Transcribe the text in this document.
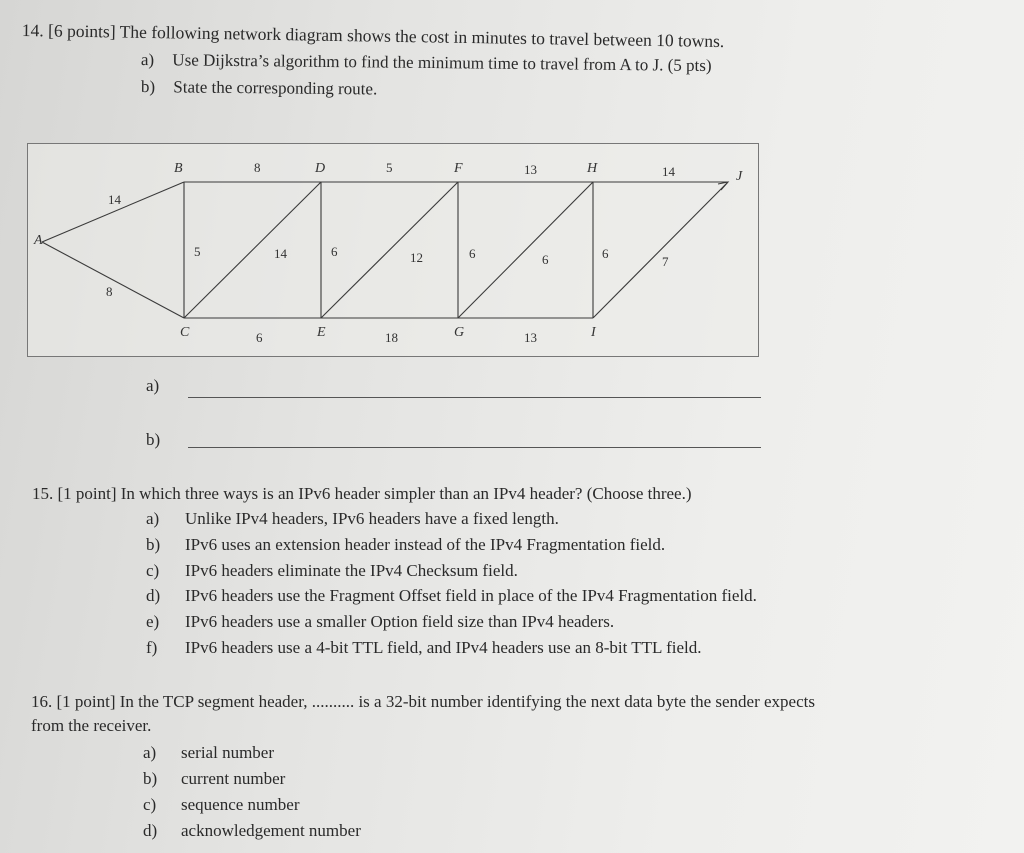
14. [6 points] The following network diagram shows the cost in minutes to travel between 10 towns.
a) Use Dijkstra’s algorithm to find the minimum time to travel from A to J. (5 pts)
b) State the corresponding route.
14
8
8	5	13	14
5	14	6	12	6	6	6
7
6	18	13
A
B
C
D
E
F
G
H
I
J
a)
b)
15. [1 point] In which three ways is an IPv6 header simpler than an IPv4 header? (Choose three.)
a) Unlike IPv4 headers, IPv6 headers have a fixed length.
b) IPv6 uses an extension header instead of the IPv4 Fragmentation field.
c) IPv6 headers eliminate the IPv4 Checksum field.
d) IPv6 headers use the Fragment Offset field in place of the IPv4 Fragmentation field.
e) IPv6 headers use a smaller Option field size than IPv4 headers.
f) IPv6 headers use a 4-bit TTL field, and IPv4 headers use an 8-bit TTL field.
16. [1 point] In the TCP segment header, .......... is a 32-bit number identifying the next data byte the sender expects
from the receiver.
a) serial number
b) current number
c) sequence number
d) acknowledgement number
